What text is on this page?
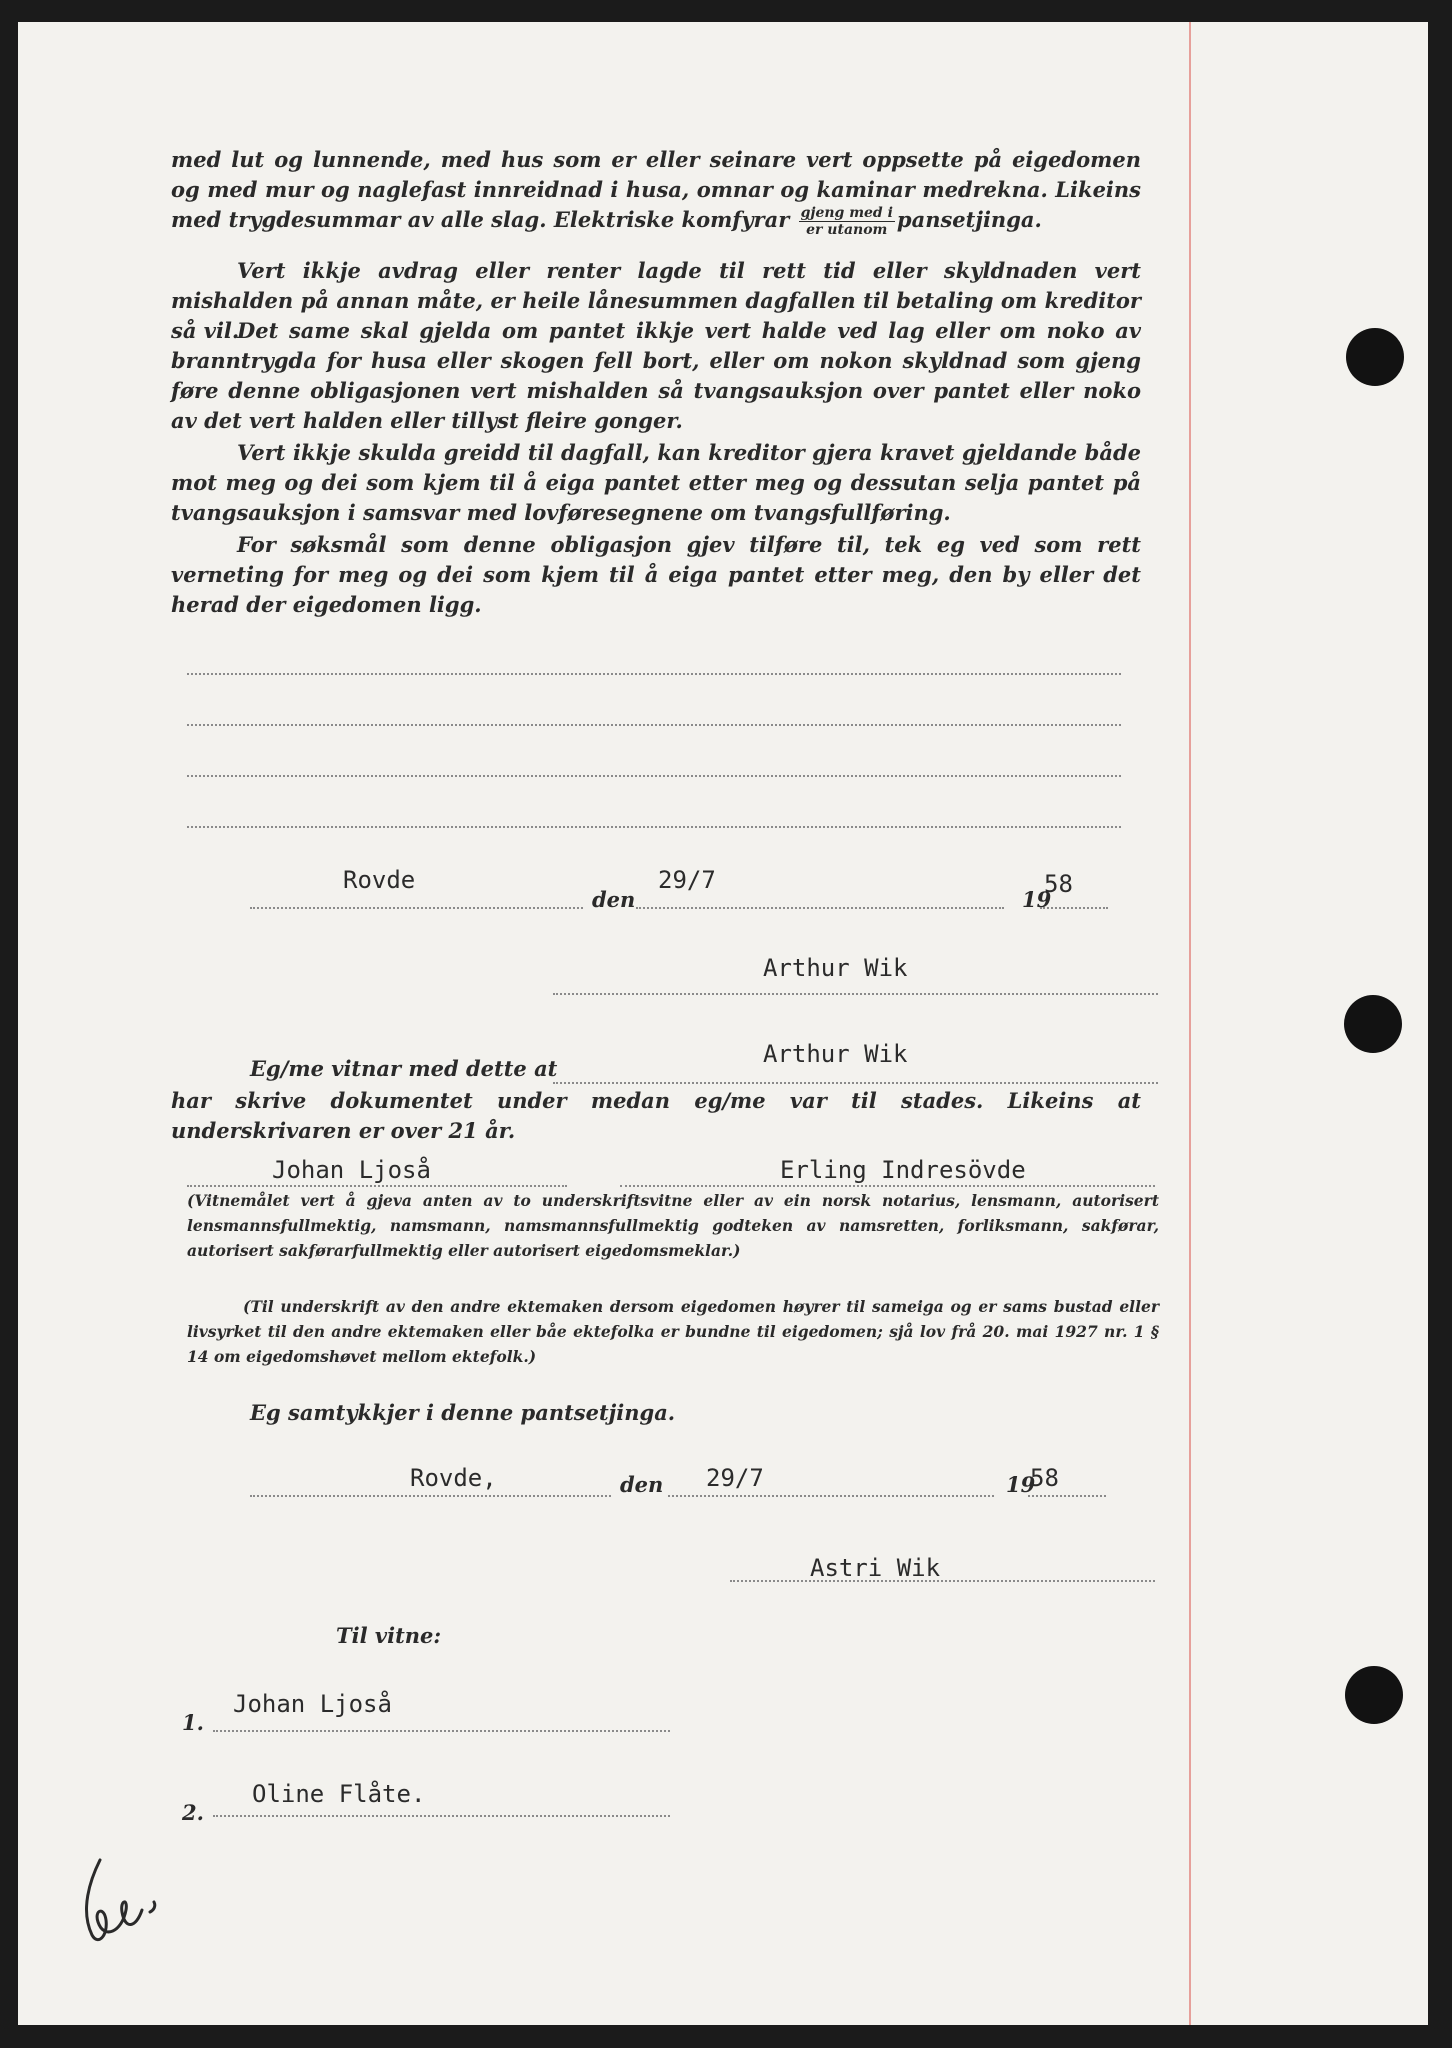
med lut og lunnende, med hus som er eller seinare vert oppsette på eigedomen og med mur og naglefast innreidnad i husa, omnar og kaminar medrekna. Likeins med trygdesummar av alle slag. Elektriske komfyrar $\frac{\text{gjeng med i}}{\text{er utanom}}$ pansetjinga.

Vert ikkje avdrag eller renter lagde til rett tid eller skyldnaden vert mishalden på annan måte, er heile lånesummen dagfallen til betaling om kreditor så vil.

Det same skal gjelda om pantet ikkje vert halde ved lag eller om noko av branntrygda for husa eller skogen fell bort, eller om nokon skyldnad som gjeng føre denne obligasjonen vert mishalden så tvangsauksjon over pantet eller noko av det vert halden eller tillyst fleire gonger.

Vert ikkje skulda greidd til dagfall, kan kreditor gjera kravet gjeldande både mot meg og dei som kjem til å eiga pantet etter meg og dessutan selja pantet på tvangsauksjon i samsvar med lovføresegnene om tvangsfullføring.

For søksmål som denne obligasjon gjev tilføre til, tek eg ved som rett verneting for meg og dei som kjem til å eiga pantet etter meg, den by eller det herad der eigedomen ligg.

Rovde
den
29/7
19
58
Arthur Wik
Eg/me vitnar med dette at
Arthur Wik

har skrive dokumentet under medan eg/me var til stades. Likeins at underskrivaren er over 21 år.

Johan Ljoså	Erling Indresövde

(Vitnemålet vert å gjeva anten av to underskriftsvitne eller av ein norsk notarius, lensmann, autorisert lensmannsfullmektig, namsmann, namsmannsfullmektig godteken av namsretten, forliksmann, sakførar, autorisert sakførarfullmektig eller autorisert eigedomsmeklar.)

(Til underskrift av den andre ektemaken dersom eigedomen høyrer til sameiga og er sams bustad eller livsyrket til den andre ektemaken eller båe ektefolka er bundne til eigedomen; sjå lov frå 20. mai 1927 nr. 1 § 14 om eigedomshøvet mellom ektefolk.)

Eg samtykkjer i denne pantsetjinga.
Rovde,	den 29/7	19
58
Astri Wik
Til vitne:
1.
Johan Ljoså
2.
Oline Flåte.
